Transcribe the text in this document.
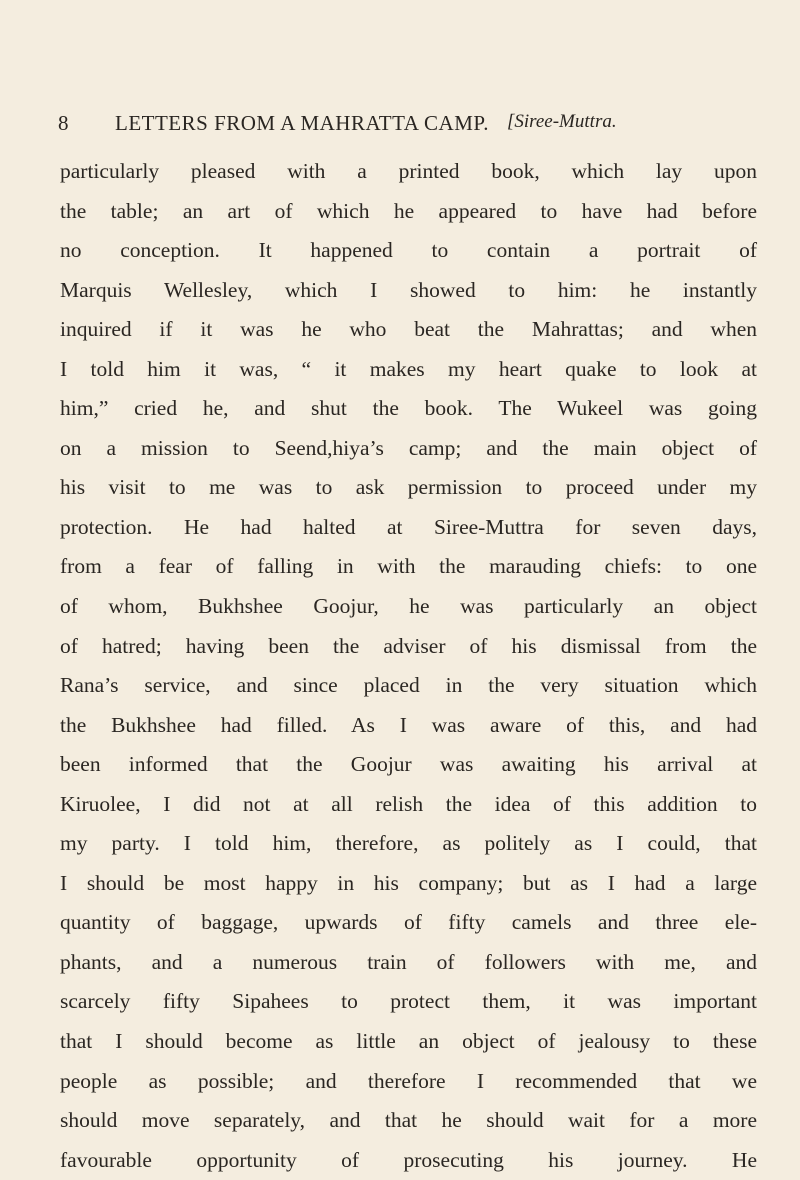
8 LETTERS FROM A MAHRATTA CAMP. [Siree-Muttra.
particularly pleased with a printed book, which lay upon
the table; an art of which he appeared to have had before
no conception. It happened to contain a portrait of
Marquis Wellesley, which I showed to him: he instantly
inquired if it was he who beat the Mahrattas; and when
I told him it was, “ it makes my heart quake to look at
him,” cried he, and shut the book. The Wukeel was going
on a mission to Seend,hiya’s camp; and the main object of
his visit to me was to ask permission to proceed under my
protection. He had halted at Siree-Muttra for seven days,
from a fear of falling in with the marauding chiefs: to one
of whom, Bukhshee Goojur, he was particularly an object
of hatred; having been the adviser of his dismissal from the
Rana’s service, and since placed in the very situation which
the Bukhshee had filled. As I was aware of this, and had
been informed that the Goojur was awaiting his arrival at
Kiruolee, I did not at all relish the idea of this addition to
my party. I told him, therefore, as politely as I could, that
I should be most happy in his company; but as I had a large
quantity of baggage, upwards of fifty camels and three ele-
phants, and a numerous train of followers with me, and
scarcely fifty Sipahees to protect them, it was important
that I should become as little an object of jealousy to these
people as possible; and therefore I recommended that we
should move separately, and that he should wait for a more
favourable opportunity of prosecuting his journey. He
